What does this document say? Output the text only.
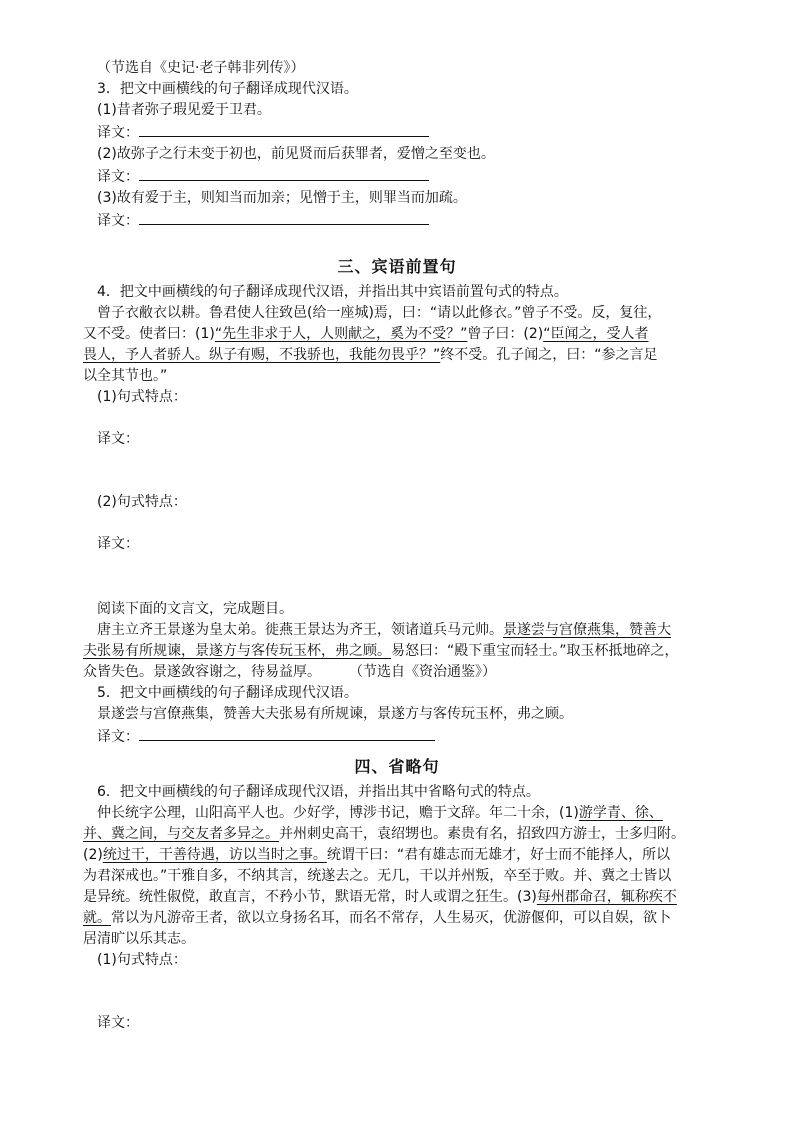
（节选自《史记·老子韩非列传》）
3．把文中画横线的句子翻译成现代汉语。
(1)昔者弥子瑕见爱于卫君。
译文：
(2)故弥子之行未变于初也，前见贤而后获罪者，爱憎之至变也。
译文：
(3)故有爱于主，则知当而加亲；见憎于主，则罪当而加疏。
译文：
三、宾语前置句
4．把文中画横线的句子翻译成现代汉语，并指出其中宾语前置句式的特点。
曾子衣敝衣以耕。鲁君使人往致邑(给一座城)焉，曰：“请以此修衣。”曾子不受。反，复往，
又不受。使者曰：(1)“先生非求于人，人则献之，奚为不受？”曾子曰：(2)“臣闻之，受人者
畏人，予人者骄人。纵子有赐，不我骄也，我能勿畏乎？”终不受。孔子闻之，曰：“参之言足
以全其节也。”
(1)句式特点：
译文：
(2)句式特点：
译文：
阅读下面的文言文，完成题目。
唐主立齐王景遂为皇太弟。徙燕王景达为齐王，领诸道兵马元帅。景遂尝与宫僚燕集，赞善大
夫张易有所规谏，景遂方与客传玩玉杯，弗之顾。易怒曰：“殿下重宝而轻士。”取玉杯抵地碎之，
众皆失色。景遂敛容谢之，待易益厚。 （节选自《资治通鉴》）
5．把文中画横线的句子翻译成现代汉语。
景遂尝与宫僚燕集，赞善大夫张易有所规谏，景遂方与客传玩玉杯，弗之顾。
译文：
四、省略句
6．把文中画横线的句子翻译成现代汉语，并指出其中省略句式的特点。
仲长统字公理，山阳高平人也。少好学，博涉书记，赡于文辞。年二十余，(1)游学青、徐、
并、冀之间，与交友者多异之。并州刺史高干，袁绍甥也。素贵有名，招致四方游士，士多归附。
(2)统过干，干善待遇，访以当时之事。统谓干曰：“君有雄志而无雄才，好士而不能择人，所以
为君深戒也。”干雅自多，不纳其言，统遂去之。无几，干以并州叛，卒至于败。并、冀之士皆以
是异统。统性俶傥，敢直言，不矜小节，默语无常，时人或谓之狂生。(3)每州郡命召，辄称疾不
就。常以为凡游帝王者，欲以立身扬名耳，而名不常存，人生易灭，优游偃仰，可以自娱，欲卜
居清旷以乐其志。
(1)句式特点：
译文：
